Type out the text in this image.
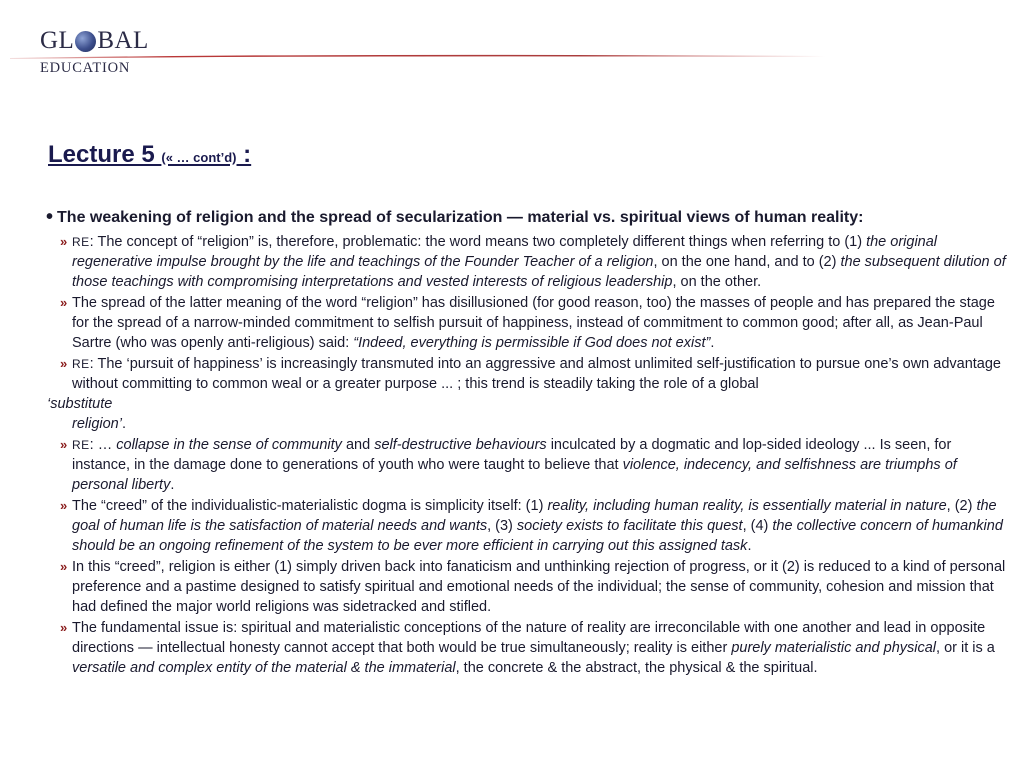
GL BAL
EDUCATION
Lecture 5 (« … cont’d) :
• The weakening of religion and the spread of secularization — material vs. spiritual views of human reality:
» RE: The concept of “religion” is, therefore, problematic: the word means two completely different things when referring to (1) the original regenerative impulse brought by the life and teachings of the Founder Teacher of a religion, on the one hand, and to (2) the subsequent dilution of those teachings with compromising interpretations and vested interests of religious leadership, on the other.
» The spread of the latter meaning of the word “religion” has disillusioned (for good reason, too) the masses of people and has prepared the stage for the spread of a narrow-minded commitment to selfish pursuit of happiness, instead of commitment to common good; after all, as Jean-Paul Sartre (who was openly anti-religious) said: “Indeed, everything is permissible if God does not exist”.
» RE: The ‘pursuit of happiness’ is increasingly transmuted into an aggressive and almost unlimited self-justification to pursue one’s own advantage without committing to common weal or a greater purpose ... ; this trend is steadily taking the role of a global
‘substitute
religion’.
» RE: … collapse in the sense of community and self-destructive behaviours inculcated by a dogmatic and lop-sided ideology ... Is seen, for instance, in the damage done to generations of youth who were taught to believe that violence, indecency, and selfishness are triumphs of personal liberty.
» The “creed” of the individualistic-materialistic dogma is simplicity itself: (1) reality, including human reality, is essentially material in nature, (2) the goal of human life is the satisfaction of material needs and wants, (3) society exists to facilitate this quest, (4) the collective concern of humankind should be an ongoing refinement of the system to be ever more efficient in carrying out this assigned task.
» In this “creed”, religion is either (1) simply driven back into fanaticism and unthinking rejection of progress, or it (2) is reduced to a kind of personal preference and a pastime designed to satisfy spiritual and emotional needs of the individual; the sense of community, cohesion and mission that had defined the major world religions was sidetracked and stifled.
» The fundamental issue is: spiritual and materialistic conceptions of the nature of reality are irreconcilable with one another and lead in opposite directions — intellectual honesty cannot accept that both would be true simultaneously; reality is either purely materialistic and physical, or it is a versatile and complex entity of the material & the immaterial, the concrete & the abstract, the physical & the spiritual.
